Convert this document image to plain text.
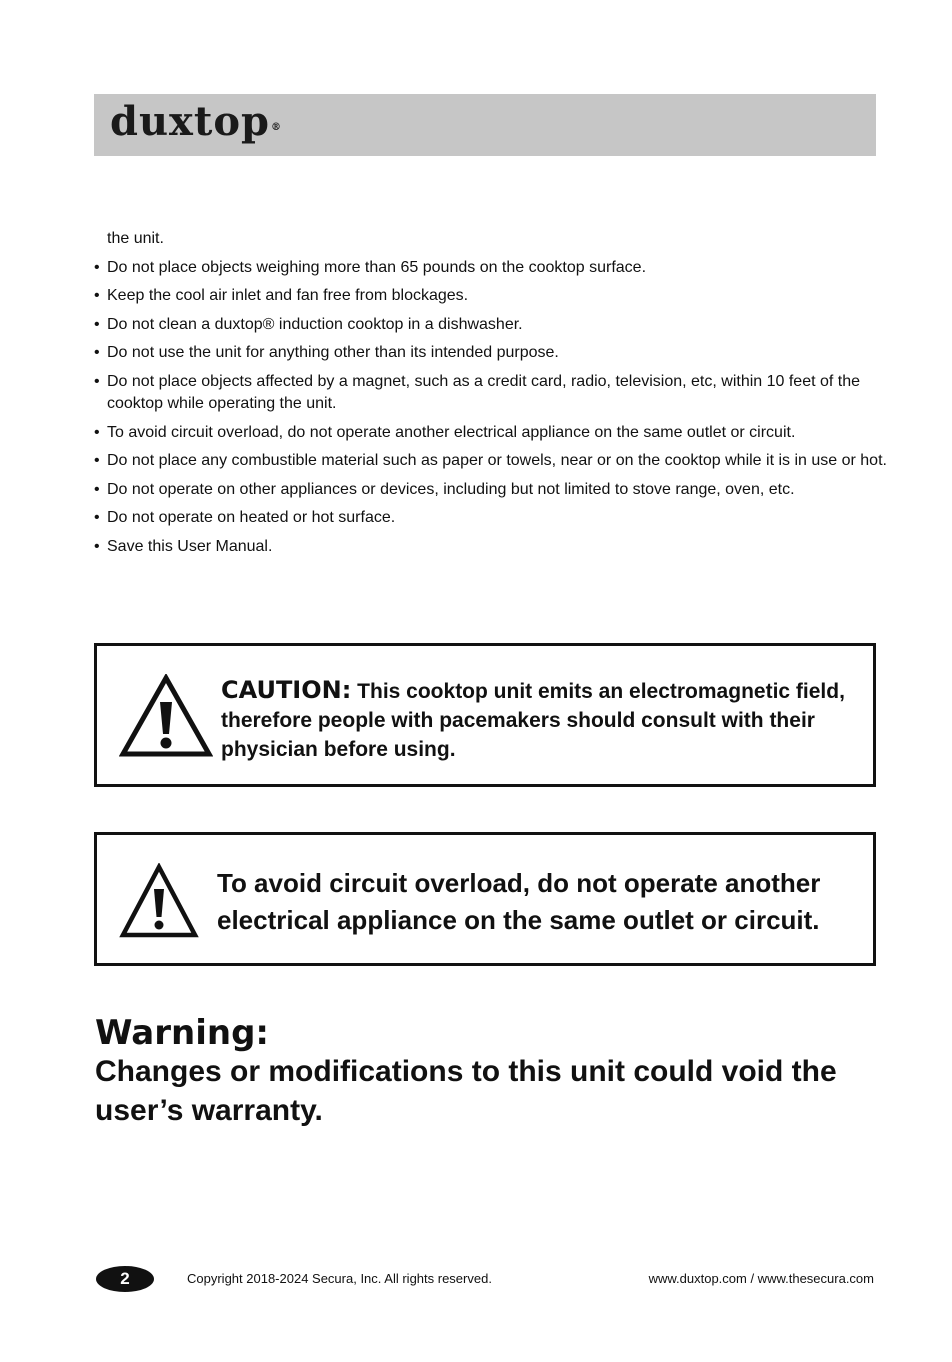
duxtop®
the unit.
• Do not place objects weighing more than 65 pounds on the cooktop surface.
• Keep the cool air inlet and fan free from blockages.
• Do not clean a duxtop® induction cooktop in a dishwasher.
• Do not use the unit for anything other than its intended purpose.
• Do not place objects affected by a magnet, such as a credit card, radio, television, etc, within 10 feet of the cooktop while operating the unit.
• To avoid circuit overload, do not operate another electrical appliance on the same outlet or circuit.
• Do not place any combustible material such as paper or towels, near or on the cooktop while it is in use or hot.
• Do not operate on other appliances or devices, including but not limited to stove range, oven, etc.
• Do not operate on heated or hot surface.
• Save this User Manual.
CAUTION: This cooktop unit emits an electromagnetic field, therefore people with pacemakers should consult with their physician before using.
To avoid circuit overload, do not operate another electrical appliance on the same outlet or circuit.
Warning:
Changes or modifications to this unit could void the user’s warranty.
2	Copyright 2018-2024 Secura, Inc. All rights reserved.	www.duxtop.com / www.thesecura.com
